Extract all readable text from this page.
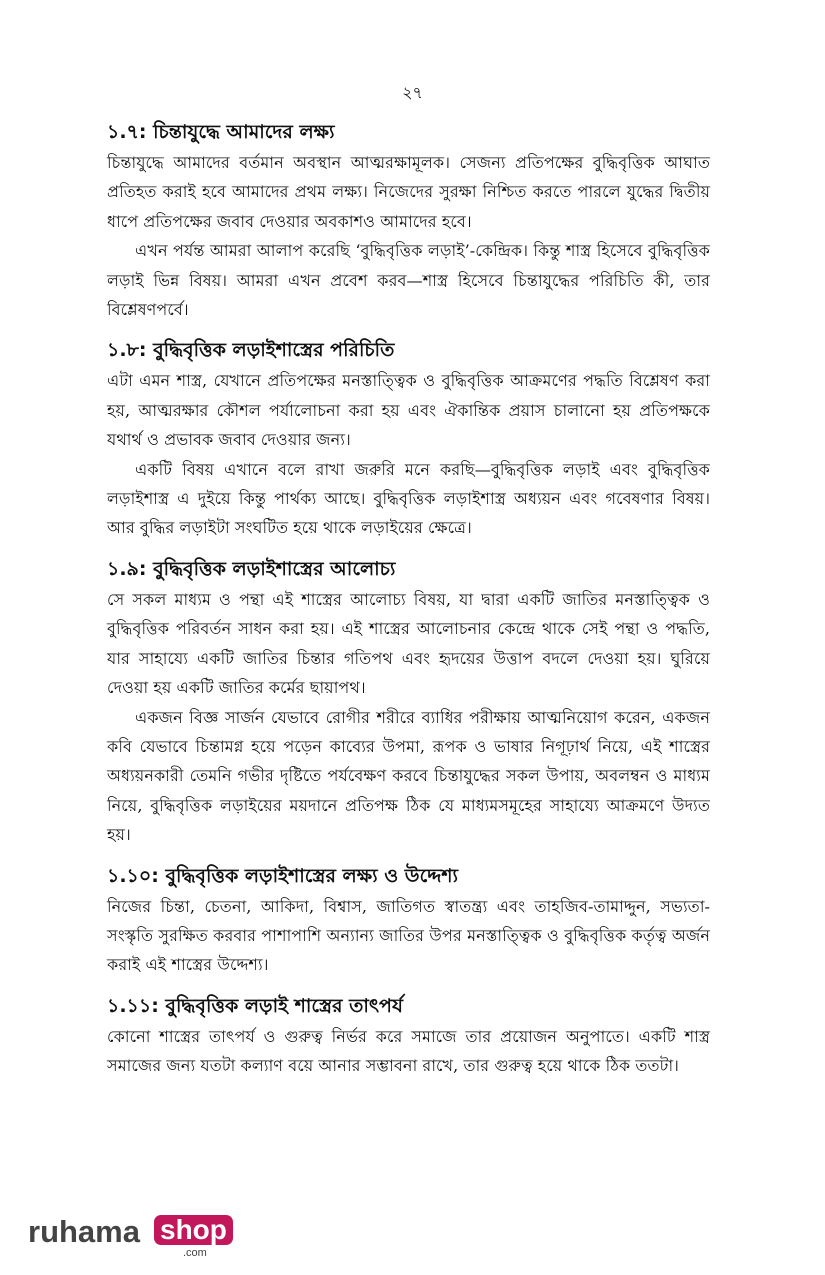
২৭
১.৭: চিন্তাযুদ্ধে আমাদের লক্ষ্য

চিন্তাযুদ্ধে আমাদের বর্তমান অবস্থান আত্মরক্ষামূলক। সেজন্য প্রতিপক্ষের বুদ্ধিবৃত্তিক আঘাত প্রতিহত করাই হবে আমাদের প্রথম লক্ষ্য। নিজেদের সুরক্ষা নিশ্চিত করতে পারলে যুদ্ধের দ্বিতীয় ধাপে প্রতিপক্ষের জবাব দেওয়ার অবকাশও আমাদের হবে।

এখন পর্যন্ত আমরা আলাপ করেছি ‘বুদ্ধিবৃত্তিক লড়াই’-কেন্দ্রিক। কিন্তু শাস্ত্র হিসেবে বুদ্ধিবৃত্তিক লড়াই ভিন্ন বিষয়। আমরা এখন প্রবেশ করব—শাস্ত্র হিসেবে চিন্তাযুদ্ধের পরিচিতি কী, তার বিশ্লেষণপর্বে।

১.৮: বুদ্ধিবৃত্তিক লড়াইশাস্ত্রের পরিচিতি

এটা এমন শাস্ত্র, যেখানে প্রতিপক্ষের মনস্তাত্ত্বিক ও বুদ্ধিবৃত্তিক আক্রমণের পদ্ধতি বিশ্লেষণ করা হয়, আত্মরক্ষার কৌশল পর্যালোচনা করা হয় এবং ঐকান্তিক প্রয়াস চালানো হয় প্রতিপক্ষকে যথার্থ ও প্রভাবক জবাব দেওয়ার জন্য।

একটি বিষয় এখানে বলে রাখা জরুরি মনে করছি—বুদ্ধিবৃত্তিক লড়াই এবং বুদ্ধিবৃত্তিক লড়াইশাস্ত্র এ দুইয়ে কিন্তু পার্থক্য আছে। বুদ্ধিবৃত্তিক লড়াইশাস্ত্র অধ্যয়ন এবং গবেষণার বিষয়। আর বুদ্ধির লড়াইটা সংঘটিত হয়ে থাকে লড়াইয়ের ক্ষেত্রে।

১.৯: বুদ্ধিবৃত্তিক লড়াইশাস্ত্রের আলোচ্য

সে সকল মাধ্যম ও পন্থা এই শাস্ত্রের আলোচ্য বিষয়, যা দ্বারা একটি জাতির মনস্তাত্ত্বিক ও বুদ্ধিবৃত্তিক পরিবর্তন সাধন করা হয়। এই শাস্ত্রের আলোচনার কেন্দ্রে থাকে সেই পন্থা ও পদ্ধতি, যার সাহায্যে একটি জাতির চিন্তার গতিপথ এবং হৃদয়ের উত্তাপ বদলে দেওয়া হয়। ঘুরিয়ে দেওয়া হয় একটি জাতির কর্মের ছায়াপথ।

একজন বিজ্ঞ সার্জন যেভাবে রোগীর শরীরে ব্যাধির পরীক্ষায় আত্মনিয়োগ করেন, একজন কবি যেভাবে চিন্তামগ্ন হয়ে পড়েন কাব্যের উপমা, রূপক ও ভাষার নিগূঢ়ার্থ নিয়ে, এই শাস্ত্রের অধ্যয়নকারী তেমনি গভীর দৃষ্টিতে পর্যবেক্ষণ করবে চিন্তাযুদ্ধের সকল উপায়, অবলম্বন ও মাধ্যম নিয়ে, বুদ্ধিবৃত্তিক লড়াইয়ের ময়দানে প্রতিপক্ষ ঠিক যে মাধ্যমসমূহের সাহায্যে আক্রমণে উদ্যত হয়।

১.১০: বুদ্ধিবৃত্তিক লড়াইশাস্ত্রের লক্ষ্য ও উদ্দেশ্য

নিজের চিন্তা, চেতনা, আকিদা, বিশ্বাস, জাতিগত স্বাতন্ত্র্য এবং তাহজিব-তামাদ্দুন, সভ্যতা-সংস্কৃতি সুরক্ষিত করবার পাশাপাশি অন্যান্য জাতির উপর মনস্তাত্ত্বিক ও বুদ্ধিবৃত্তিক কর্তৃত্ব অর্জন করাই এই শাস্ত্রের উদ্দেশ্য।

১.১১: বুদ্ধিবৃত্তিক লড়াই শাস্ত্রের তাৎপর্য

কোনো শাস্ত্রের তাৎপর্য ও গুরুত্ব নির্ভর করে সমাজে তার প্রয়োজন অনুপাতে। একটি শাস্ত্র সমাজের জন্য যতটা কল্যাণ বয়ে আনার সম্ভাবনা রাখে, তার গুরুত্ব হয়ে থাকে ঠিক ততটা।

ruhama shop
.com
